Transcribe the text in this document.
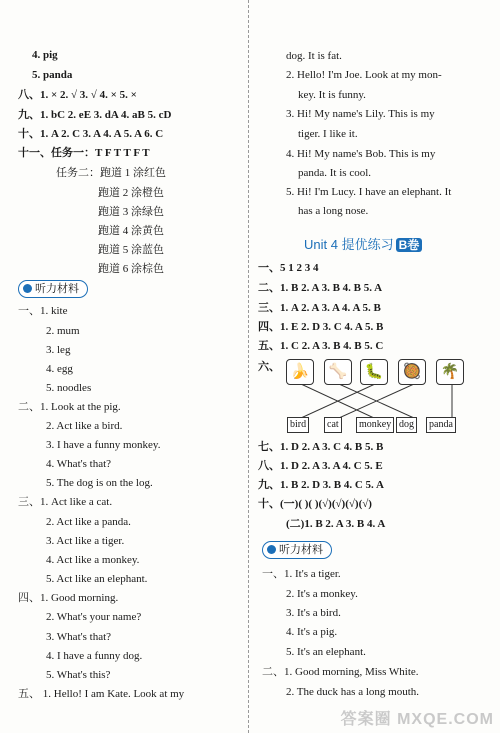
4. pig
5. panda
八、1. × 2. √ 3. √ 4. × 5. ×
九、1. bC 2. eE 3. dA 4. aB 5. cD
十、1. A 2. C 3. A 4. A 5. A 6. C
十一、任务一：T F T T F T
任务二：跑道 1 涂红色
跑道 2 涂橙色
跑道 3 涂绿色
跑道 4 涂黄色
跑道 5 涂蓝色
跑道 6 涂棕色
听力材料
一、1. kite
2. mum
3. leg
4. egg
5. noodles
二、1. Look at the pig.
2. Act like a bird.
3. I have a funny monkey.
4. What's that?
5. The dog is on the log.
三、1. Act like a cat.
2. Act like a panda.
3. Act like a tiger.
4. Act like a monkey.
5. Act like an elephant.
四、1. Good morning.
2. What's your name?
3. What's that?
4. I have a funny dog.
5. What's this?
五、 1. Hello! I am Kate. Look at my
dog. It is fat.
2. Hello! I'm Joe. Look at my mon-
key. It is funny.
3. Hi! My name's Lily. This is my
tiger. I like it.
4. Hi! My name's Bob. This is my
panda. It is cool.
5. Hi! I'm Lucy. I have an elephant. It
has a long nose.
Unit 4 提优练习 B卷
一、5 1 2 3 4
二、1. B 2. A 3. B 4. B 5. A
三、1. A 2. A 3. A 4. A 5. B
四、1. E 2. D 3. C 4. A 5. B
五、1. C 2. A 3. B 4. B 5. C
六、 🍌	🦴	🐛	🥘	🌴
bird	cat	monkey dog	panda
七、1. D 2. A 3. C 4. B 5. B
八、1. D 2. A 3. A 4. C 5. E
九、1. B 2. D 3. B 4. C 5. A
十、(一)( )( )(√)(√)(√)(√)
(二)1. B 2. A 3. B 4. A
听力材料
一、1. It's a tiger.
2. It's a monkey.
3. It's a bird.
4. It's a pig.
5. It's an elephant.
二、1. Good morning, Miss White.
2. The duck has a long mouth.
答案圈 MXQE.COM
